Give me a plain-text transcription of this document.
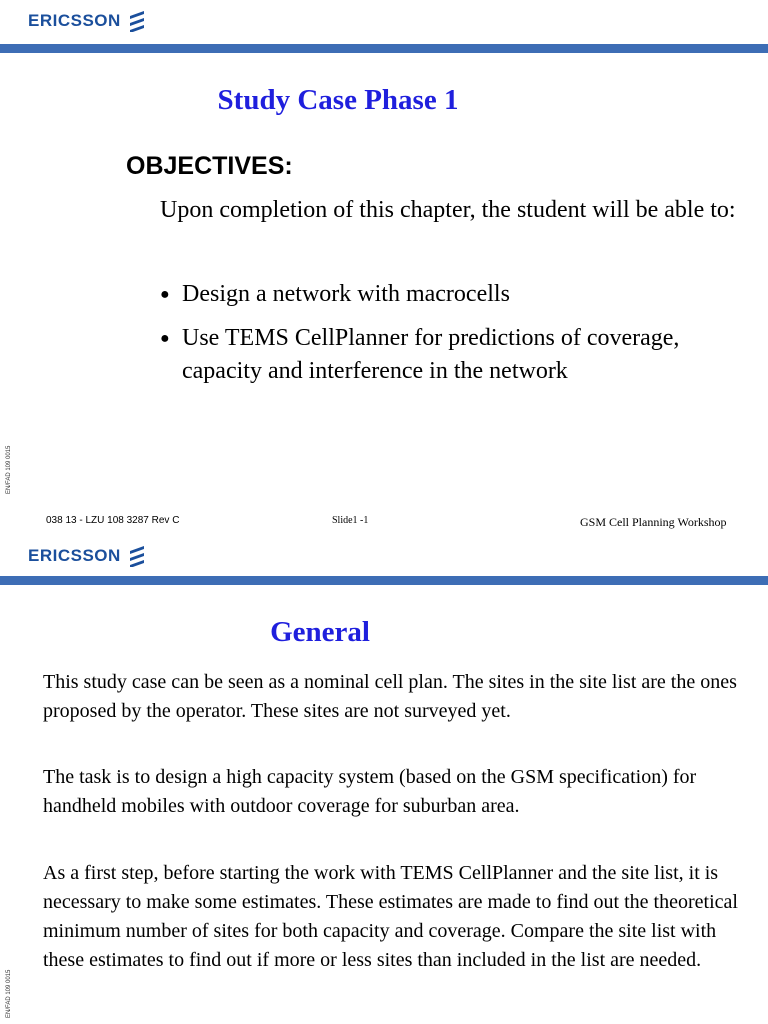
ERICSSON
Study Case Phase 1
OBJECTIVES:
Upon completion of this chapter, the student will be able to:
● Design a network with macrocells
● Use TEMS CellPlanner for predictions of coverage, capacity and interference in the network
EN/FAD 109 0015
038 13 - LZU 108 3287 Rev C	Slide1 -1	GSM Cell Planning Workshop
ERICSSON
General

This study case can be seen as a nominal cell plan. The sites in the site list are the ones proposed by the operator. These sites are not surveyed yet.

The task is to design a high capacity system (based on the GSM specification) for handheld mobiles with outdoor coverage for suburban area.

As a first step, before starting the work with TEMS CellPlanner and the site list, it is necessary to make some estimates. These estimates are made to find out the theoretical minimum number of sites for both capacity and coverage. Compare the site list with these estimates to find out if more or less sites than included in the list are needed.

EN/FAD 109 0015
